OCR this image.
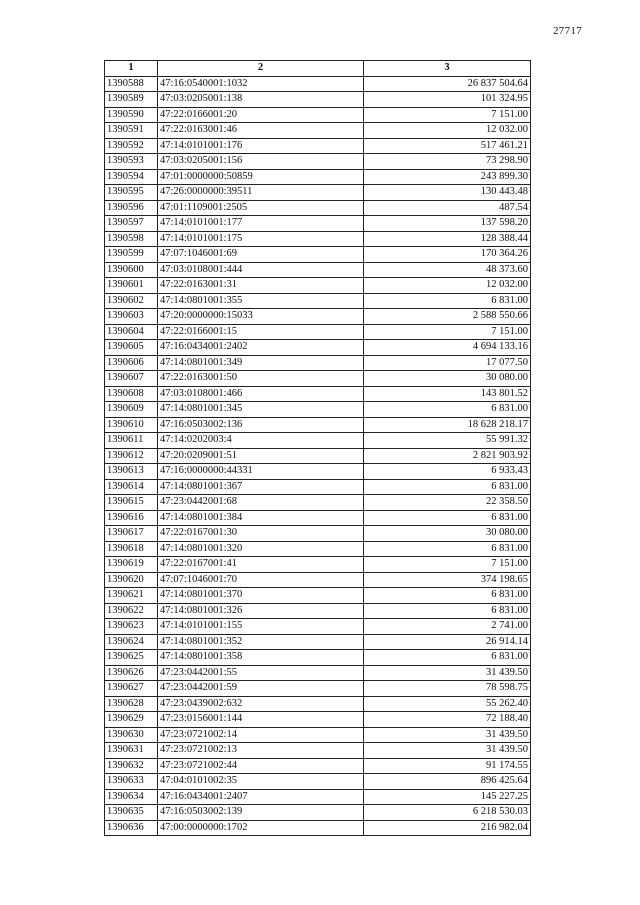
27717
1	2	3
1390588	47:16:0540001:1032	26 837 504.64
1390589	47:03:0205001:138	101 324.95
1390590	47:22:0166001:20	7 151.00
1390591	47:22:0163001:46	12 032.00
1390592	47:14:0101001:176	517 461.21
1390593	47:03:0205001:156	73 298.90
1390594	47:01:0000000:50859	243 899.30
1390595	47:26:0000000:39511	130 443.48
1390596	47:01:1109001:2505	487.54
1390597	47:14:0101001:177	137 598.20
1390598	47:14:0101001:175	128 388.44
1390599	47:07:1046001:69	170 364.26
1390600	47:03:0108001:444	48 373.60
1390601	47:22:0163001:31	12 032.00
1390602	47:14:0801001:355	6 831.00
1390603	47:20:0000000:15033	2 588 550.66
1390604	47:22:0166001:15	7 151.00
1390605	47:16:0434001:2402	4 694 133.16
1390606	47:14:0801001:349	17 077.50
1390607	47:22:0163001:50	30 080.00
1390608	47:03:0108001:466	143 801.52
1390609	47:14:0801001:345	6 831.00
1390610	47:16:0503002:136	18 628 218.17
1390611	47:14:0202003:4	55 991.32
1390612	47:20:0209001:51	2 821 903.92
1390613	47:16:0000000:44331	6 933.43
1390614	47:14:0801001:367	6 831.00
1390615	47:23:0442001:68	22 358.50
1390616	47:14:0801001:384	6 831.00
1390617	47:22:0167001:30	30 080.00
1390618	47:14:0801001:320	6 831.00
1390619	47:22:0167001:41	7 151.00
1390620	47:07:1046001:70	374 198.65
1390621	47:14:0801001:370	6 831.00
1390622	47:14:0801001:326	6 831.00
1390623	47:14:0101001:155	2 741.00
1390624	47:14:0801001:352	26 914.14
1390625	47:14:0801001:358	6 831.00
1390626	47:23:0442001:55	31 439.50
1390627	47:23:0442001:59	78 598.75
1390628	47:23:0439002:632	55 262.40
1390629	47:23:0156001:144	72 188.40
1390630	47:23:0721002:14	31 439.50
1390631	47:23:0721002:13	31 439.50
1390632	47:23:0721002:44	91 174.55
1390633	47:04:0101002:35	896 425.64
1390634	47:16:0434001:2407	145 227.25
1390635	47:16:0503002:139	6 218 530.03
1390636	47:00:0000000:1702	216 982.04
